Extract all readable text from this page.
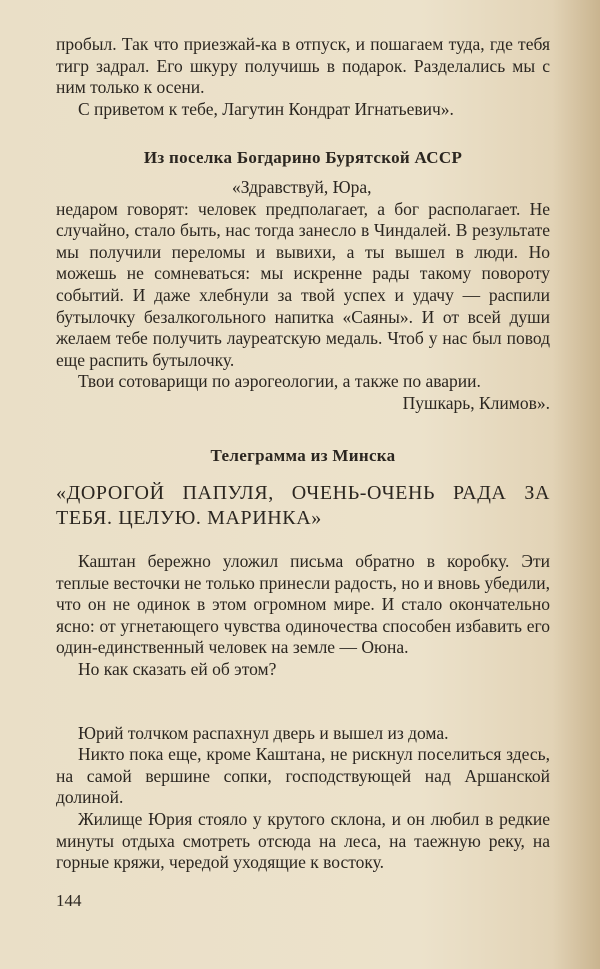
пробыл. Так что приезжай-ка в отпуск, и пошагаем туда, где тебя тигр задрал. Его шкуру получишь в подарок. Разделались мы с ним только к осени.

С приветом к тебе, Лагутин Кондрат Игнатьевич».

Из поселка Богдарино Бурятской АССР

«Здравствуй, Юра,

недаром говорят: человек предполагает, а бог располагает. Не случайно, стало быть, нас тогда занесло в Чиндалей. В результате мы получили переломы и вывихи, а ты вышел в люди. Но можешь не сомневаться: мы искренне рады такому повороту событий. И даже хлебнули за твой успех и удачу — распили бутылочку безалкогольного напитка «Саяны». И от всей души желаем тебе получить лауреатскую медаль. Чтоб у нас был повод еще распить бутылочку.

Твои сотоварищи по аэрогеологии, а также по аварии.

Пушкарь, Климов».

Телеграмма из Минска

«ДОРОГОЙ ПАПУЛЯ, ОЧЕНЬ-ОЧЕНЬ РАДА ЗА ТЕБЯ. ЦЕЛУЮ. МАРИНКА»

Каштан бережно уложил письма обратно в коробку. Эти теплые весточки не только принесли радость, но и вновь убедили, что он не одинок в этом огромном мире. И стало окончательно ясно: от угнетающего чувства одиночества способен избавить его один-единственный человек на земле — Оюна.

Но как сказать ей об этом?

Юрий толчком распахнул дверь и вышел из дома.

Никто пока еще, кроме Каштана, не рискнул поселиться здесь, на самой вершине сопки, господствующей над Аршанской долиной.

Жилище Юрия стояло у крутого склона, и он любил в редкие минуты отдыха смотреть отсюда на леса, на таежную реку, на горные кряжи, чередой уходящие к востоку.

144
